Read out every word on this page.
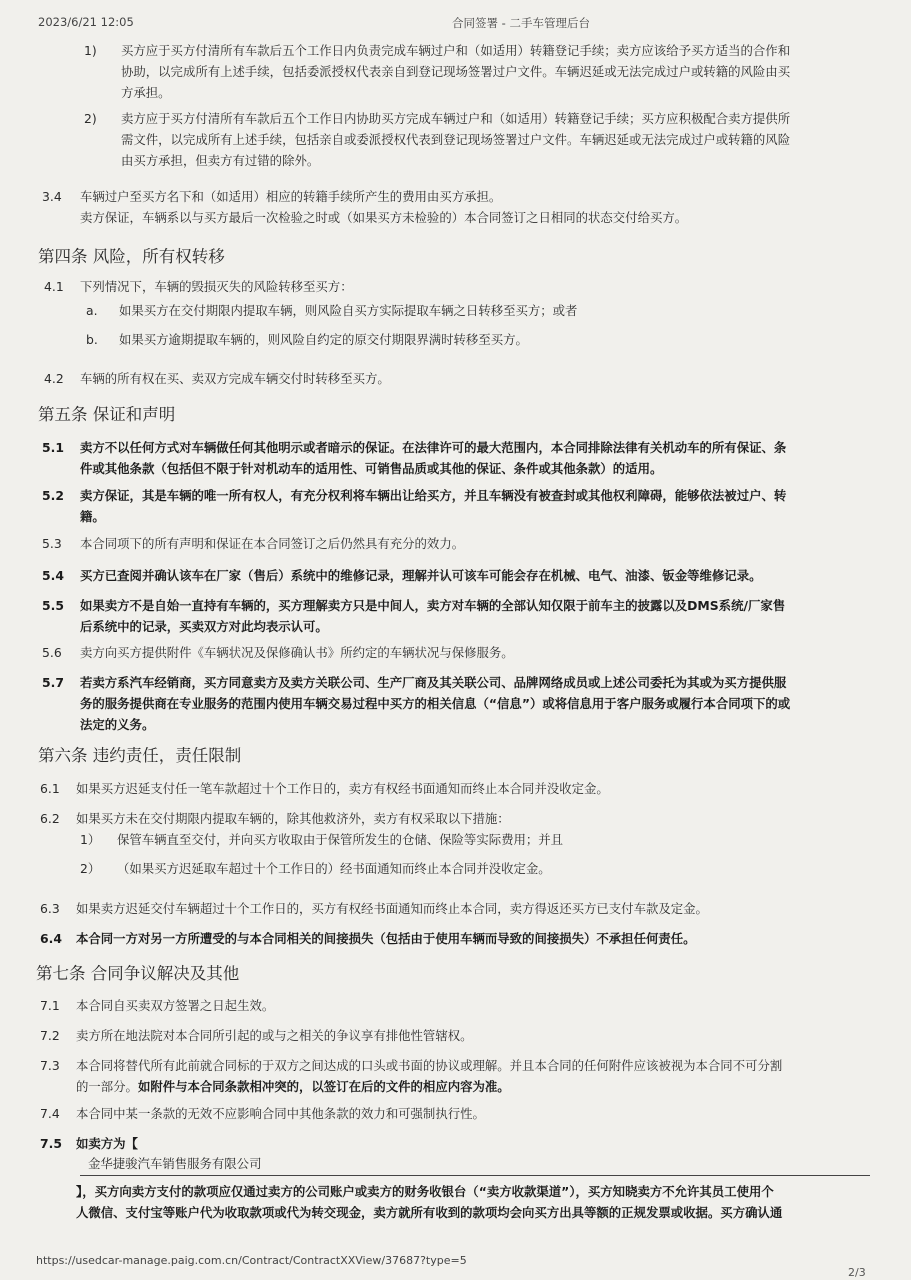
2023/6/21 12:05	合同签署 - 二手车管理后台
1) 买方应于买方付清所有车款后五个工作日内负责完成车辆过户和（如适用）转籍登记手续；卖方应该给予买方适当的合作和
协助，以完成所有上述手续，包括委派授权代表亲自到登记现场签署过户文件。车辆迟延或无法完成过户或转籍的风险由买
方承担。
2) 卖方应于买方付清所有车款后五个工作日内协助买方完成车辆过户和（如适用）转籍登记手续；买方应积极配合卖方提供所
需文件，以完成所有上述手续，包括亲自或委派授权代表到登记现场签署过户文件。车辆迟延或无法完成过户或转籍的风险
由买方承担，但卖方有过错的除外。
3.4 车辆过户至买方名下和（如适用）相应的转籍手续所产生的费用由买方承担。
卖方保证，车辆系以与买方最后一次检验之时或（如果买方未检验的）本合同签订之日相同的状态交付给买方。
第四条 风险，所有权转移
4.1 下列情况下，车辆的毁损灭失的风险转移至买方：
a. 如果买方在交付期限内提取车辆，则风险自买方实际提取车辆之日转移至买方；或者
b. 如果买方逾期提取车辆的，则风险自约定的原交付期限界满时转移至买方。
4.2 车辆的所有权在买、卖双方完成车辆交付时转移至买方。
第五条 保证和声明
5.1 卖方不以任何方式对车辆做任何其他明示或者暗示的保证。在法律许可的最大范围内，本合同排除法律有关机动车的所有保证、条
件或其他条款（包括但不限于针对机动车的适用性、可销售品质或其他的保证、条件或其他条款）的适用。
5.2 卖方保证，其是车辆的唯一所有权人，有充分权利将车辆出让给买方，并且车辆没有被查封或其他权利障碍，能够依法被过户、转
籍。
5.3 本合同项下的所有声明和保证在本合同签订之后仍然具有充分的效力。
5.4 买方已查阅并确认该车在厂家（售后）系统中的维修记录，理解并认可该车可能会存在机械、电气、油漆、钣金等维修记录。
5.5 如果卖方不是自始一直持有车辆的，买方理解卖方只是中间人，卖方对车辆的全部认知仅限于前车主的披露以及DMS系统/厂家售
后系统中的记录，买卖双方对此均表示认可。
5.6 卖方向买方提供附件《车辆状况及保修确认书》所约定的车辆状况与保修服务。
5.7 若卖方系汽车经销商，买方同意卖方及卖方关联公司、生产厂商及其关联公司、品牌网络成员或上述公司委托为其或为买方提供服
务的服务提供商在专业服务的范围内使用车辆交易过程中买方的相关信息（“信息”）或将信息用于客户服务或履行本合同项下的或
法定的义务。
第六条 违约责任，责任限制
6.1 如果买方迟延支付任一笔车款超过十个工作日的，卖方有权经书面通知而终止本合同并没收定金。
6.2 如果买方未在交付期限内提取车辆的，除其他救济外，卖方有权采取以下措施：
1） 保管车辆直至交付，并向买方收取由于保管所发生的仓储、保险等实际费用；并且
2） （如果买方迟延取车超过十个工作日的）经书面通知而终止本合同并没收定金。
6.3 如果卖方迟延交付车辆超过十个工作日的，买方有权经书面通知而终止本合同，卖方得返还买方已支付车款及定金。
6.4 本合同一方对另一方所遭受的与本合同相关的间接损失（包括由于使用车辆而导致的间接损失）不承担任何责任。
第七条 合同争议解决及其他
7.1 本合同自买卖双方签署之日起生效。
7.2 卖方所在地法院对本合同所引起的或与之相关的争议享有排他性管辖权。
7.3 本合同将替代所有此前就合同标的于双方之间达成的口头或书面的协议或理解。并且本合同的任何附件应该被视为本合同不可分割
的一部分。如附件与本合同条款相冲突的，以签订在后的文件的相应内容为准。
7.4 本合同中某一条款的无效不应影响合同中其他条款的效力和可强制执行性。
7.5 如卖方为【
金华捷骏汽车销售服务有限公司
】，买方向卖方支付的款项应仅通过卖方的公司账户或卖方的财务收银台（“卖方收款渠道”），买方知晓卖方不允许其员工使用个
人微信、支付宝等账户代为收取款项或代为转交现金，卖方就所有收到的款项均会向买方出具等额的正规发票或收据。买方确认通
https://usedcar-manage.paig.com.cn/Contract/ContractXXView/37687?type=5
2/3
